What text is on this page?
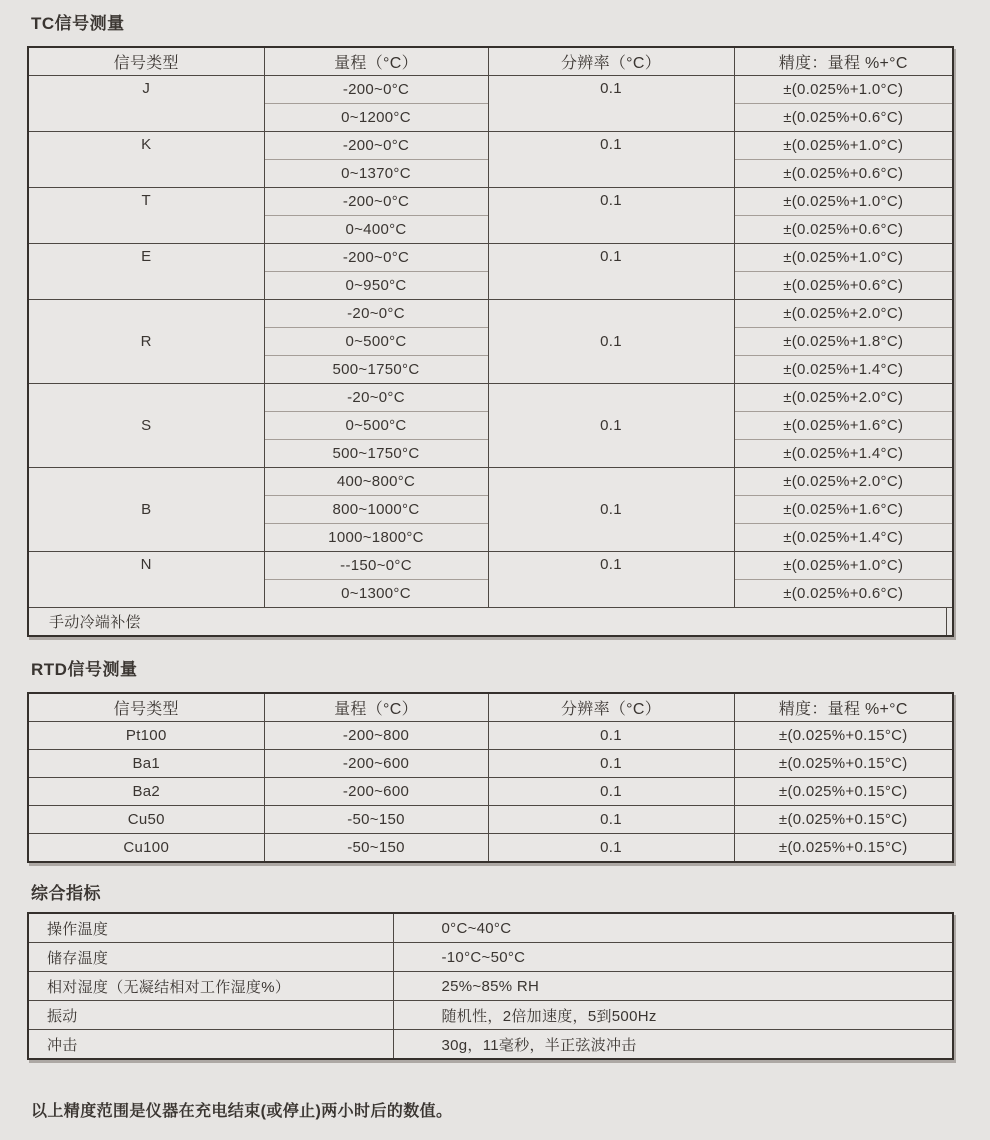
TC信号测量
信号类型	量程（°C）	分辨率（°C）	精度：量程 %+°C
J	-200~0°C	0.1	±(0.025%+1.0°C)
	0~1200°C		±(0.025%+0.6°C)
K	-200~0°C	0.1	±(0.025%+1.0°C)
	0~1370°C		±(0.025%+0.6°C)
T	-200~0°C	0.1	±(0.025%+1.0°C)
	0~400°C		±(0.025%+0.6°C)
E	-200~0°C	0.1	±(0.025%+1.0°C)
	0~950°C		±(0.025%+0.6°C)
R	-20~0°C	0.1	±(0.025%+2.0°C)
	0~500°C		±(0.025%+1.8°C)
	500~1750°C		±(0.025%+1.4°C)
S	-20~0°C	0.1	±(0.025%+2.0°C)
	0~500°C		±(0.025%+1.6°C)
	500~1750°C		±(0.025%+1.4°C)
B	400~800°C	0.1	±(0.025%+2.0°C)
	800~1000°C		±(0.025%+1.6°C)
	1000~1800°C		±(0.025%+1.4°C)
N	--150~0°C	0.1	±(0.025%+1.0°C)
	0~1300°C		±(0.025%+0.6°C)
手动冷端补偿			
RTD信号测量
信号类型	量程（°C）	分辨率（°C）	精度：量程 %+°C
Pt100	-200~800	0.1	±(0.025%+0.15°C)
Ba1	-200~600	0.1	±(0.025%+0.15°C)
Ba2	-200~600	0.1	±(0.025%+0.15°C)
Cu50	-50~150	0.1	±(0.025%+0.15°C)
Cu100	-50~150	0.1	±(0.025%+0.15°C)
综合指标
操作温度	0°C~40°C
储存温度	-10°C~50°C
相对湿度（无凝结相对工作湿度%）	25%~85% RH
振动	随机性，2倍加速度，5到500Hz
冲击	30g，11毫秒，半正弦波冲击
以上精度范围是仪器在充电结束(或停止)两小时后的数值。
